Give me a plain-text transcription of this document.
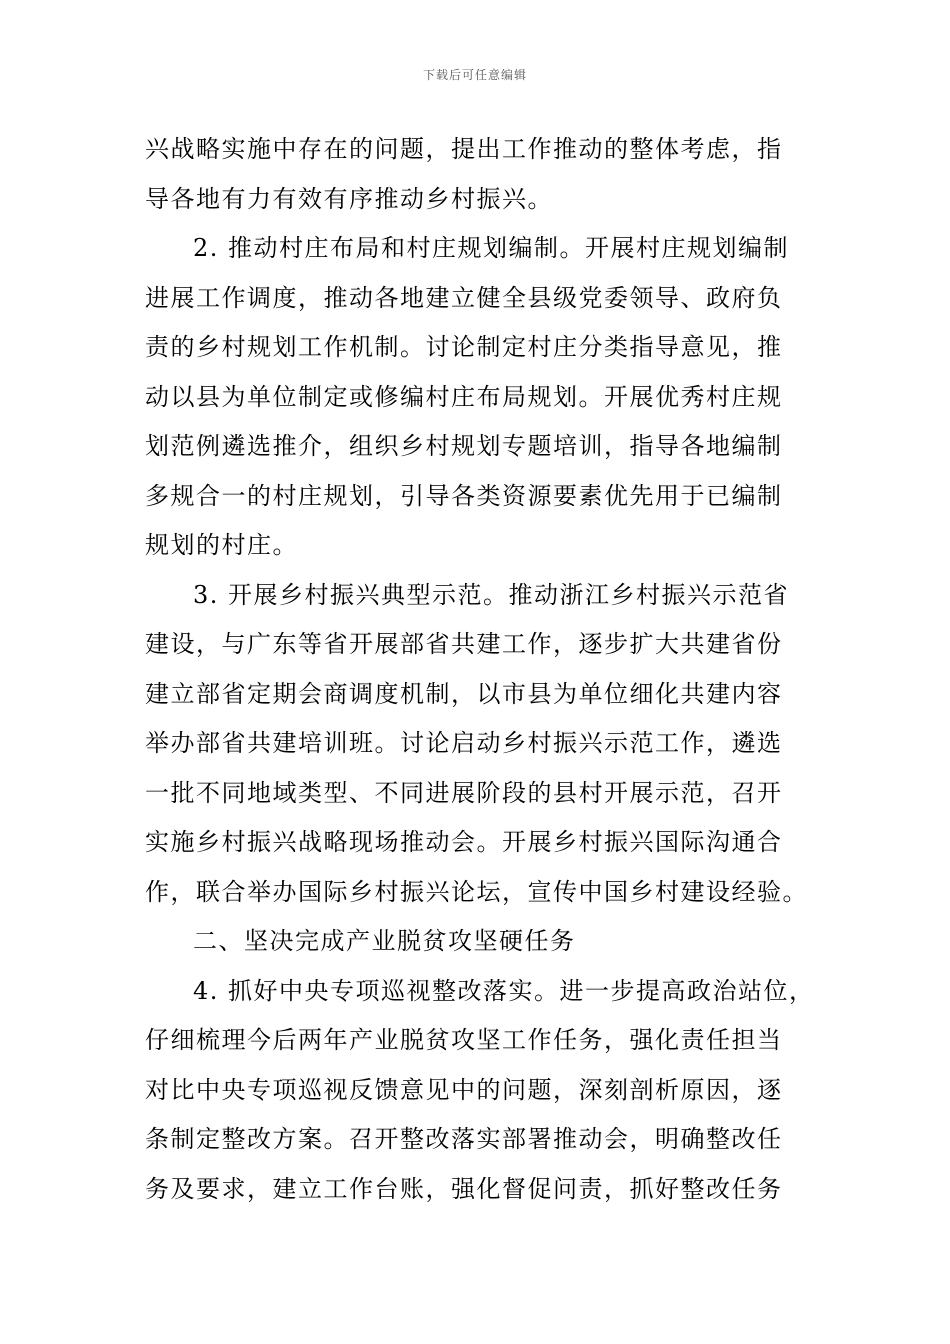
下载后可任意编辑
兴战略实施中存在的问题，提出工作推动的整体考虑，指
导各地有力有效有序推动乡村振兴。
2. 推动村庄布局和村庄规划编制。开展村庄规划编制
进展工作调度，推动各地建立健全县级党委领导、政府负
责的乡村规划工作机制。讨论制定村庄分类指导意见，推
动以县为单位制定或修编村庄布局规划。开展优秀村庄规
划范例遴选推介，组织乡村规划专题培训，指导各地编制
多规合一的村庄规划，引导各类资源要素优先用于已编制
规划的村庄。
3. 开展乡村振兴典型示范。推动浙江乡村振兴示范省
建设，与广东等省开展部省共建工作，逐步扩大共建省份
建立部省定期会商调度机制，以市县为单位细化共建内容
举办部省共建培训班。讨论启动乡村振兴示范工作，遴选
一批不同地域类型、不同进展阶段的县村开展示范，召开
实施乡村振兴战略现场推动会。开展乡村振兴国际沟通合
作，联合举办国际乡村振兴论坛，宣传中国乡村建设经验。
二、坚决完成产业脱贫攻坚硬任务
4. 抓好中央专项巡视整改落实。进一步提高政治站位，
仔细梳理今后两年产业脱贫攻坚工作任务，强化责任担当
对比中央专项巡视反馈意见中的问题，深刻剖析原因，逐
条制定整改方案。召开整改落实部署推动会，明确整改任
务及要求，建立工作台账，强化督促问责，抓好整改任务
